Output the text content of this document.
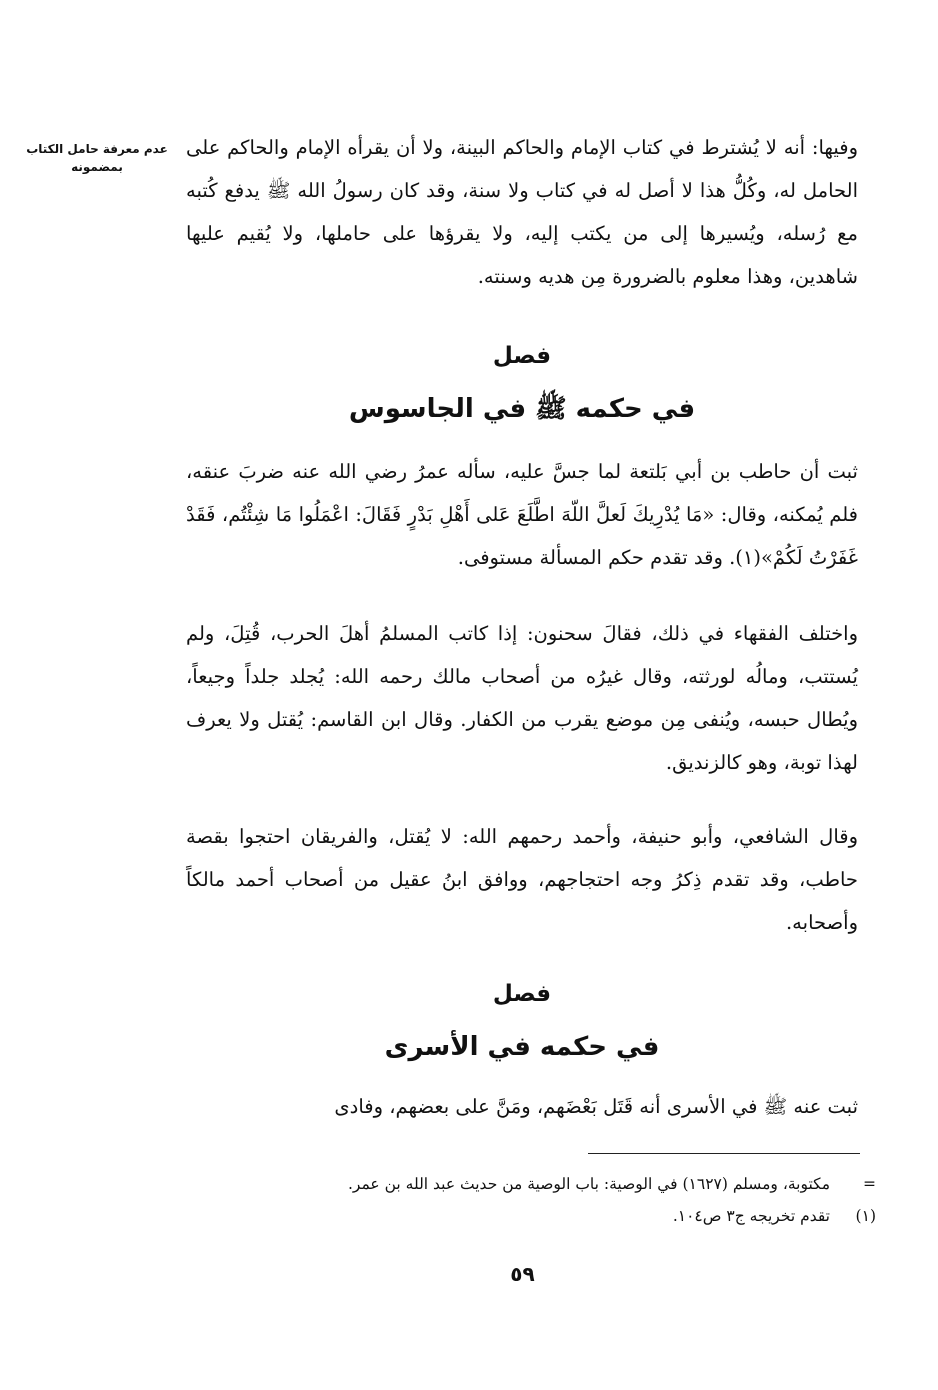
عدم معرفة حامل الكتاب بمضمونه

وفيها: أنه لا يُشترط في كتاب الإمام والحاكم البينة، ولا أن يقرأه الإمام والحاكم على الحامل له، وكُلُّ هذا لا أصل له في كتاب ولا سنة، وقد كان رسولُ الله ﷺ يدفع كُتبه مع رُسله، ويُسيرها إلى من يكتب إليه، ولا يقرؤها على حاملها، ولا يُقيم عليها شاهدين، وهذا معلوم بالضرورة مِن هديه وسنته.

فصل
في حكمه ﷺ في الجاسوس

ثبت أن حاطب بن أبي بَلتعة لما جسَّ عليه، سأله عمرُ رضي الله عنه ضربَ عنقه، فلم يُمكنه، وقال: «مَا يُدْرِيكَ لَعلَّ اللّهَ اطَّلَعَ عَلى أَهْلِ بَدْرٍ فَقَالَ: اعْمَلُوا مَا شِئْتُم، فَقَدْ غَفَرْتُ لَكُمْ»(١). وقد تقدم حكم المسألة مستوفى.

واختلف الفقهاء في ذلك، فقالَ سحنون: إذا كاتب المسلمُ أهلَ الحرب، قُتِلَ، ولم يُستتب، ومالُه لورثته، وقال غيرُه من أصحاب مالك رحمه الله: يُجلد جلداً وجيعاً، ويُطال حبسه، ويُنفى مِن موضع يقرب من الكفار. وقال ابن القاسم: يُقتل ولا يعرف لهذا توبة، وهو كالزنديق.

وقال الشافعي، وأبو حنيفة، وأحمد رحمهم الله: لا يُقتل، والفريقان احتجوا بقصة حاطب، وقد تقدم ذِكرُ وجه احتجاجهم، ووافق ابنُ عقيل من أصحاب أحمد مالكاً وأصحابه.

فصل
في حكمه في الأسرى

ثبت عنه ﷺ في الأسرى أنه قَتَل بَعْضَهم، ومَنَّ على بعضهم، وفادى

=
مكتوبة، ومسلم (١٦٢٧) في الوصية: باب الوصية من حديث عبد الله بن عمر.
(١)
تقدم تخريجه ج٣ ص١٠٤.
٥٩
